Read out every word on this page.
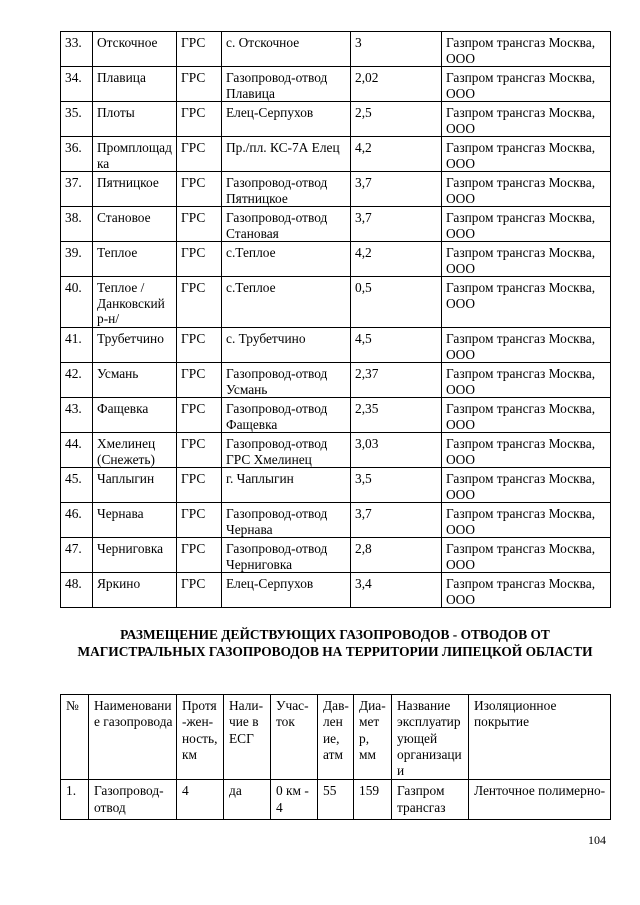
33.	Отскочное	ГРС	с. Отскочное	3	Газпром трансгаз Москва, ООО
34.	Плавица	ГРС	Газопровод-отвод Плавица	2,02	Газпром трансгаз Москва, ООО
35.	Плоты	ГРС	Елец-Серпухов	2,5	Газпром трансгаз Москва, ООО
36.	Промплощадка	ГРС	Пр./пл. КС-7А Елец	4,2	Газпром трансгаз Москва, ООО
37.	Пятницкое	ГРС	Газопровод-отвод Пятницкое	3,7	Газпром трансгаз Москва, ООО
38.	Становое	ГРС	Газопровод-отвод Становая	3,7	Газпром трансгаз Москва, ООО
39.	Теплое	ГРС	с.Теплое	4,2	Газпром трансгаз Москва, ООО
40.	Теплое /Данковский р-н/	ГРС	с.Теплое	0,5	Газпром трансгаз Москва, ООО
41.	Трубетчино	ГРС	с. Трубетчино	4,5	Газпром трансгаз Москва, ООО
42.	Усмань	ГРС	Газопровод-отвод Усмань	2,37	Газпром трансгаз Москва, ООО
43.	Фащевка	ГРС	Газопровод-отвод Фащевка	2,35	Газпром трансгаз Москва, ООО
44.	Хмелинец (Снежеть)	ГРС	Газопровод-отвод ГРС Хмелинец	3,03	Газпром трансгаз Москва, ООО
45.	Чаплыгин	ГРС	г. Чаплыгин	3,5	Газпром трансгаз Москва, ООО
46.	Чернава	ГРС	Газопровод-отвод Чернава	3,7	Газпром трансгаз Москва, ООО
47.	Черниговка	ГРС	Газопровод-отвод Черниговка	2,8	Газпром трансгаз Москва, ООО
48.	Яркино	ГРС	Елец-Серпухов	3,4	Газпром трансгаз Москва, ООО
РАЗМЕЩЕНИЕ ДЕЙСТВУЮЩИХ ГАЗОПРОВОДОВ - ОТВОДОВ ОТ МАГИСТРАЛЬНЫХ ГАЗОПРОВОДОВ НА ТЕРРИТОРИИ ЛИПЕЦКОЙ ОБЛАСТИ
№	Наименование газопровода	Протя-жен-ность, км	Нали-чие в ЕСГ	Учас-ток	Дав-лен ие, атм	Диа-мет р, мм	Название эксплуатирующей организации	Изоляционное покрытие
1.	Газопровод-отвод	4	да	0 км - 4	55	159	Газпром трансгаз	Ленточное полимерно-
104
